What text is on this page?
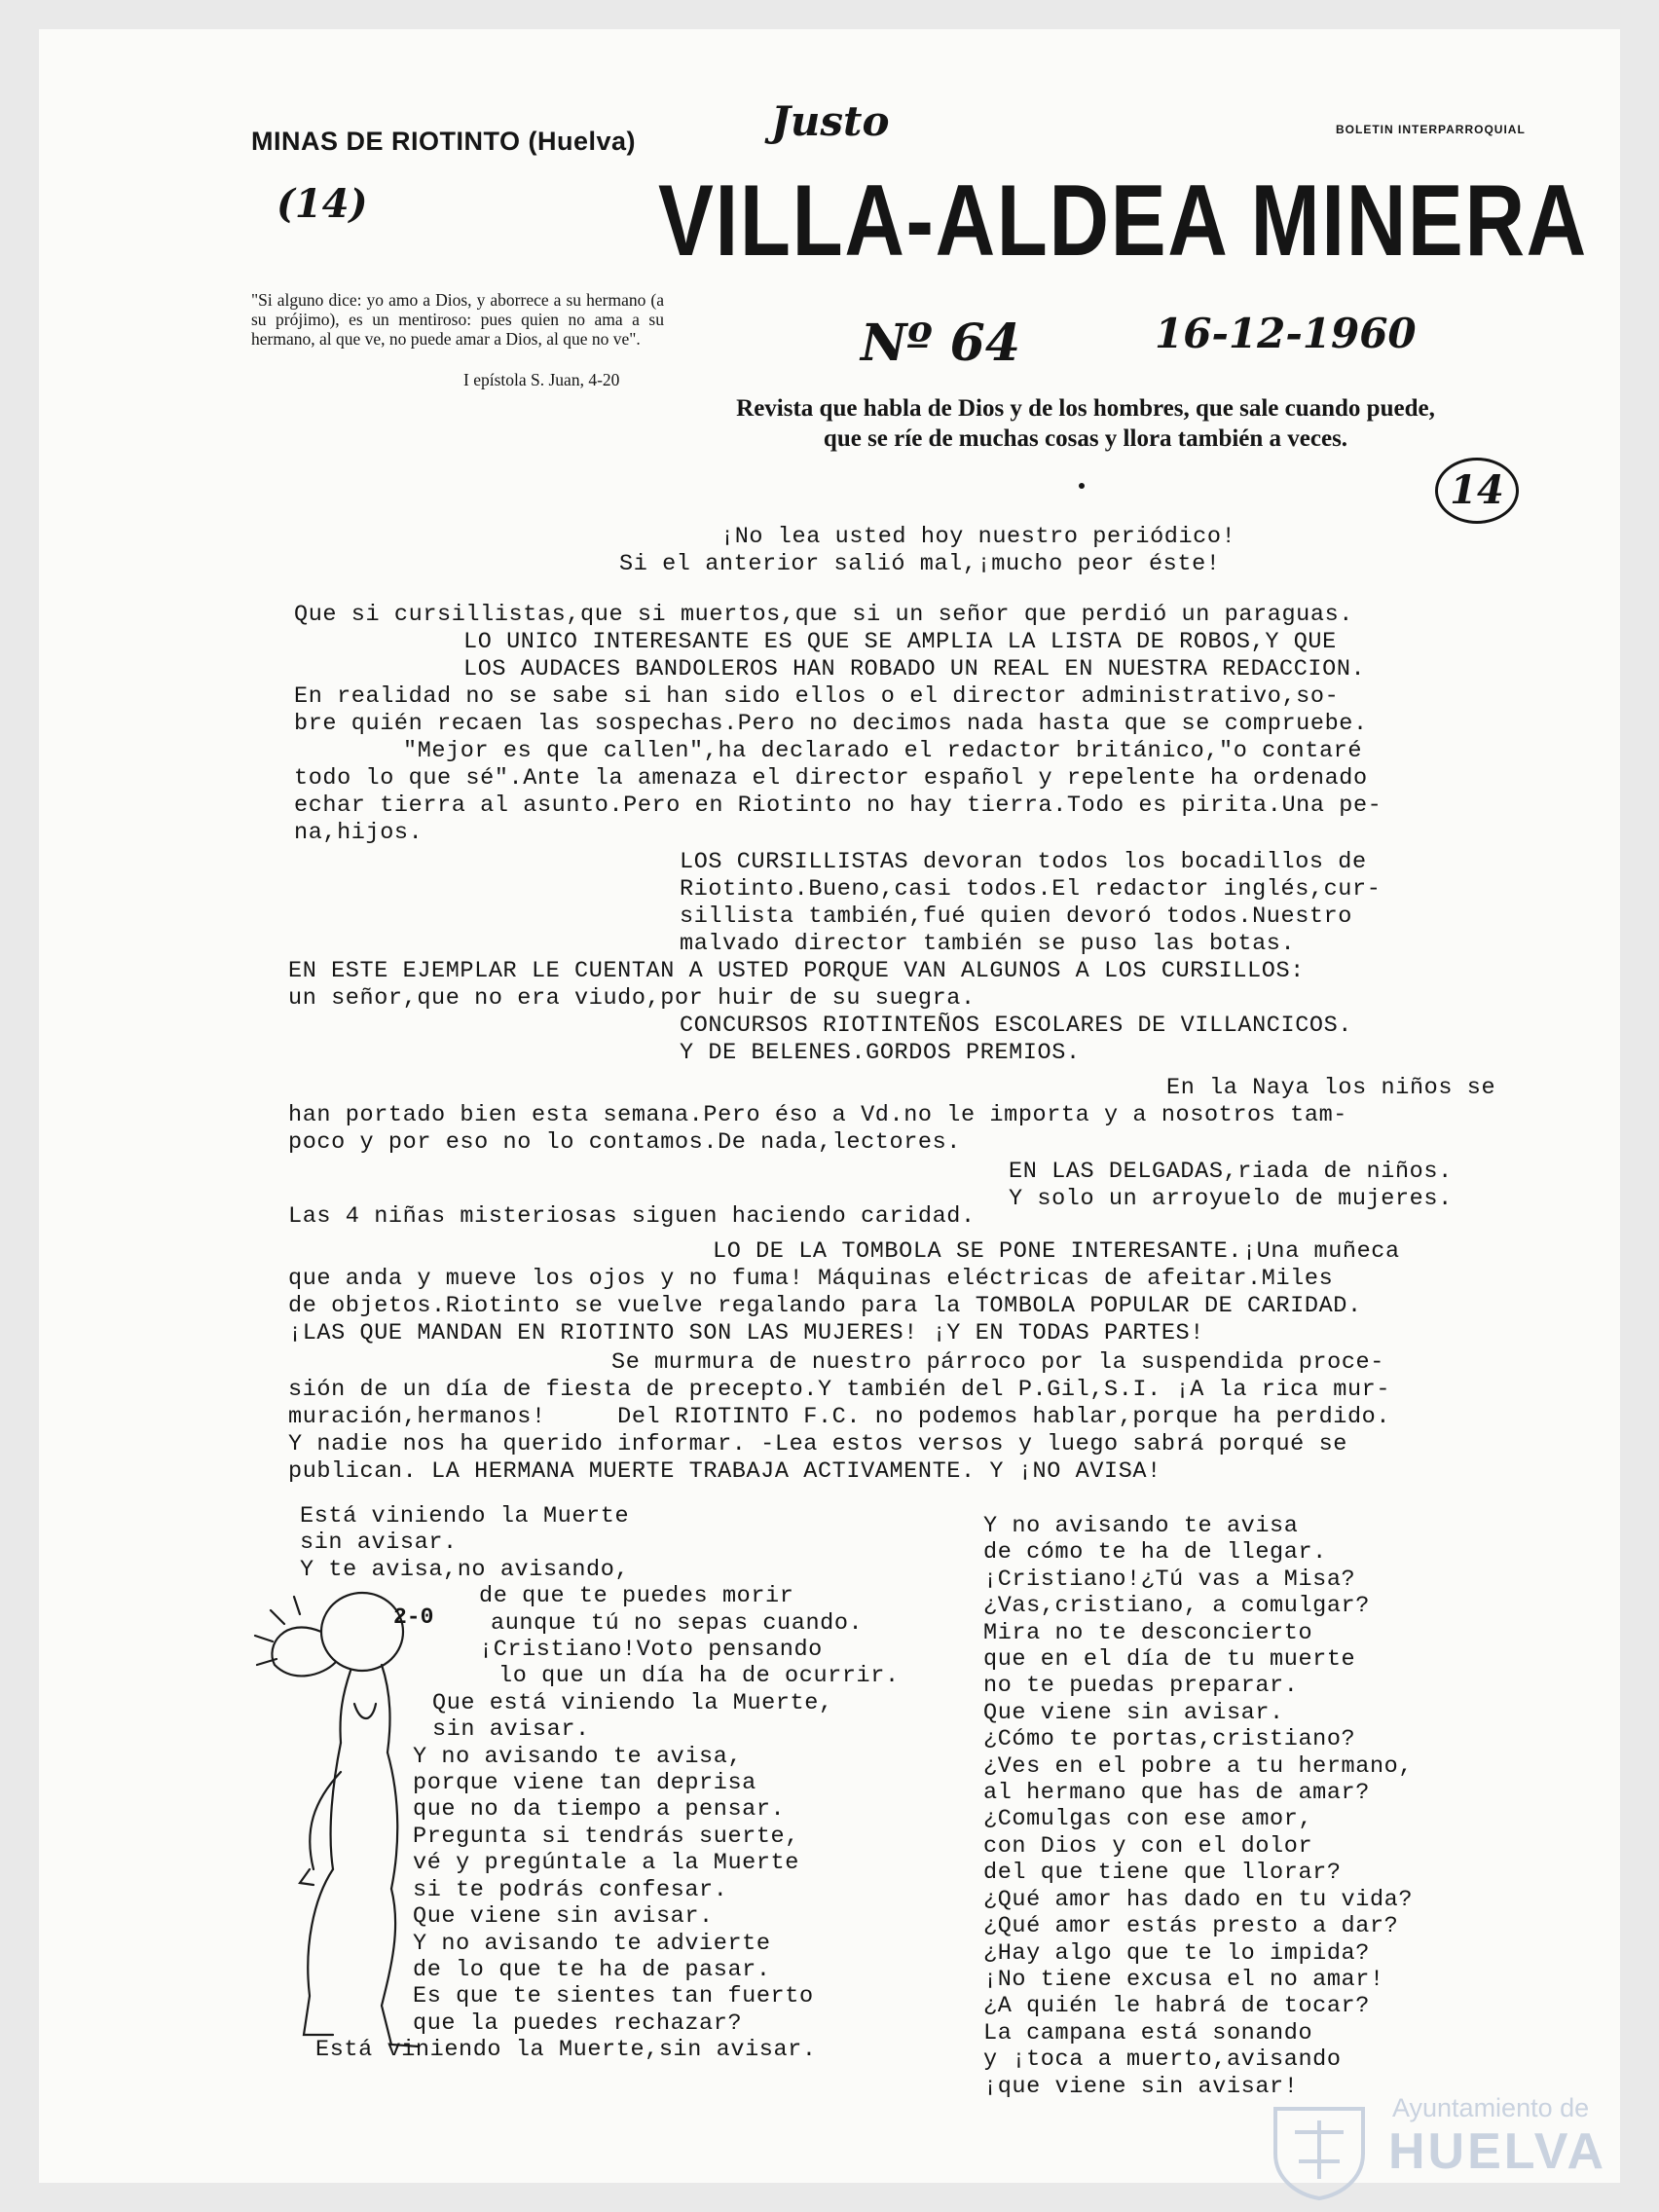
MINAS DE RIOTINTO (Huelva)	BOLETIN INTERPARROQUIAL
VILLA-ALDEA MINERA
Justo
(14)
Nº 64	16-12-1960
14
"Si alguno dice: yo amo a Dios, y aborrece a su hermano (a su prójimo), es un mentiroso: pues quien no ama a su hermano, al que ve, no puede amar a Dios, al que no ve".
I epístola S. Juan, 4-20
Revista que habla de Dios y de los hombres, que sale cuando puede,
que se ríe de muchas cosas y llora también a veces.
¡No lea usted hoy nuestro periódico!
Si el anterior salió mal,¡mucho peor éste!
Que si cursillistas,que si muertos,que si un señor que perdió un paraguas.
LO UNICO INTERESANTE ES QUE SE AMPLIA LA LISTA DE ROBOS,Y QUE
LOS AUDACES BANDOLEROS HAN ROBADO UN REAL EN NUESTRA REDACCION.
En realidad no se sabe si han sido ellos o el director administrativo,so-
bre quién recaen las sospechas.Pero no decimos nada hasta que se compruebe.
"Mejor es que callen",ha declarado el redactor británico,"o contaré
todo lo que sé".Ante la amenaza el director español y repelente ha ordenado
echar tierra al asunto.Pero en Riotinto no hay tierra.Todo es pirita.Una pe-
na,hijos.
LOS CURSILLISTAS devoran todos los bocadillos de
Riotinto.Bueno,casi todos.El redactor inglés,cur-
sillista también,fué quien devoró todos.Nuestro
malvado director también se puso las botas.
EN ESTE EJEMPLAR LE CUENTAN A USTED PORQUE VAN ALGUNOS A LOS CURSILLOS:
un señor,que no era viudo,por huir de su suegra.
CONCURSOS RIOTINTEÑOS ESCOLARES DE VILLANCICOS.
Y DE BELENES.GORDOS PREMIOS.
En la Naya los niños se
han portado bien esta semana.Pero éso a Vd.no le importa y a nosotros tam-
poco y por eso no lo contamos.De nada,lectores.
EN LAS DELGADAS,riada de niños.
Y solo un arroyuelo de mujeres.
Las 4 niñas misteriosas siguen haciendo caridad.
LO DE LA TOMBOLA SE PONE INTERESANTE.¡Una muñeca
que anda y mueve los ojos y no fuma! Máquinas eléctricas de afeitar.Miles
de objetos.Riotinto se vuelve regalando para la TOMBOLA POPULAR DE CARIDAD.
¡LAS QUE MANDAN EN RIOTINTO SON LAS MUJERES! ¡Y EN TODAS PARTES!
Se murmura de nuestro párroco por la suspendida proce-
sión de un día de fiesta de precepto.Y también del P.Gil,S.I. ¡A la rica mur-
muración,hermanos!     Del RIOTINTO F.C. no podemos hablar,porque ha perdido.
Y nadie nos ha querido informar. -Lea estos versos y luego sabrá porqué se
publican. LA HERMANA MUERTE TRABAJA ACTIVAMENTE. Y ¡NO AVISA!
2-0
Está viniendo la Muerte
sin avisar.
Y te avisa,no avisando,
de que te puedes morir
aunque tú no sepas cuando.
¡Cristiano!Voto pensando
lo que un día ha de ocurrir.
Que está viniendo la Muerte,
sin avisar.
Y no avisando te avisa,
porque viene tan deprisa
que no da tiempo a pensar.
Pregunta si tendrás suerte,
vé y pregúntale a la Muerte
si te podrás confesar.
Que viene sin avisar.
Y no avisando te advierte
de lo que te ha de pasar.
Es que te sientes tan fuerto
que la puedes rechazar?
Está viniendo la Muerte,sin avisar.
Y no avisando te avisa
de cómo te ha de llegar.
¡Cristiano!¿Tú vas a Misa?
¿Vas,cristiano, a comulgar?
Mira no te desconcierto
que en el día de tu muerte
no te puedas preparar.
Que viene sin avisar.
¿Cómo te portas,cristiano?
¿Ves en el pobre a tu hermano,
al hermano que has de amar?
¿Comulgas con ese amor,
con Dios y con el dolor
del que tiene que llorar?
¿Qué amor has dado en tu vida?
¿Qué amor estás presto a dar?
¿Hay algo que te lo impida?
¡No tiene excusa el no amar!
¿A quién le habrá de tocar?
La campana está sonando
y ¡toca a muerto,avisando
¡que viene sin avisar!
Ayuntamiento de
HUELVA
